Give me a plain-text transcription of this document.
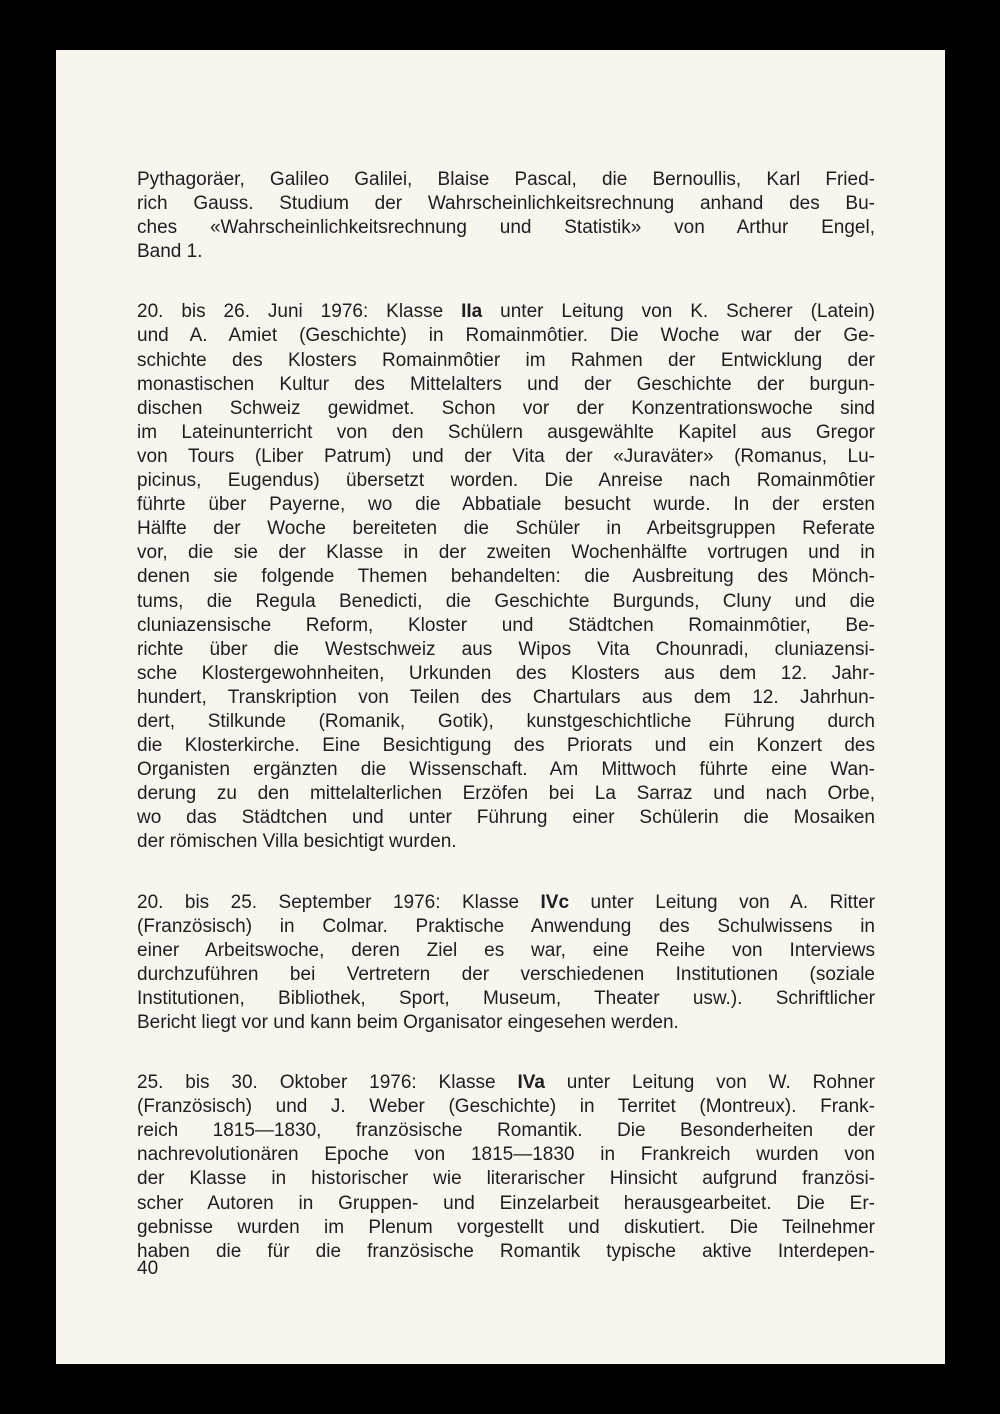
Pythagoräer, Galileo Galilei, Blaise Pascal, die Bernoullis, Karl Fried-
rich Gauss. Studium der Wahrscheinlichkeitsrechnung anhand des Bu-
ches «Wahrscheinlichkeitsrechnung und Statistik» von Arthur Engel,
Band 1.
20. bis 26. Juni 1976: Klasse IIa unter Leitung von K. Scherer (Latein)
und A. Amiet (Geschichte) in Romainmôtier. Die Woche war der Ge-
schichte des Klosters Romainmôtier im Rahmen der Entwicklung der
monastischen Kultur des Mittelalters und der Geschichte der burgun-
dischen Schweiz gewidmet. Schon vor der Konzentrationswoche sind
im Lateinunterricht von den Schülern ausgewählte Kapitel aus Gregor
von Tours (Liber Patrum) und der Vita der «Juraväter» (Romanus, Lu-
picinus, Eugendus) übersetzt worden. Die Anreise nach Romainmôtier
führte über Payerne, wo die Abbatiale besucht wurde. In der ersten
Hälfte der Woche bereiteten die Schüler in Arbeitsgruppen Referate
vor, die sie der Klasse in der zweiten Wochenhälfte vortrugen und in
denen sie folgende Themen behandelten: die Ausbreitung des Mönch-
tums, die Regula Benedicti, die Geschichte Burgunds, Cluny und die
cluniazensische Reform, Kloster und Städtchen Romainmôtier, Be-
richte über die Westschweiz aus Wipos Vita Chounradi, cluniazensi-
sche Klostergewohnheiten, Urkunden des Klosters aus dem 12. Jahr-
hundert, Transkription von Teilen des Chartulars aus dem 12. Jahrhun-
dert, Stilkunde (Romanik, Gotik), kunstgeschichtliche Führung durch
die Klosterkirche. Eine Besichtigung des Priorats und ein Konzert des
Organisten ergänzten die Wissenschaft. Am Mittwoch führte eine Wan-
derung zu den mittelalterlichen Erzöfen bei La Sarraz und nach Orbe,
wo das Städtchen und unter Führung einer Schülerin die Mosaiken
der römischen Villa besichtigt wurden.
20. bis 25. September 1976: Klasse IVc unter Leitung von A. Ritter
(Französisch) in Colmar. Praktische Anwendung des Schulwissens in
einer Arbeitswoche, deren Ziel es war, eine Reihe von Interviews
durchzuführen bei Vertretern der verschiedenen Institutionen (soziale
Institutionen, Bibliothek, Sport, Museum, Theater usw.). Schriftlicher
Bericht liegt vor und kann beim Organisator eingesehen werden.
25. bis 30. Oktober 1976: Klasse IVa unter Leitung von W. Rohner
(Französisch) und J. Weber (Geschichte) in Territet (Montreux). Frank-
reich 1815—1830, französische Romantik. Die Besonderheiten der
nachrevolutionären Epoche von 1815—1830 in Frankreich wurden von
der Klasse in historischer wie literarischer Hinsicht aufgrund französi-
scher Autoren in Gruppen- und Einzelarbeit herausgearbeitet. Die Er-
gebnisse wurden im Plenum vorgestellt und diskutiert. Die Teilnehmer
haben die für die französische Romantik typische aktive Interdepen-
40
